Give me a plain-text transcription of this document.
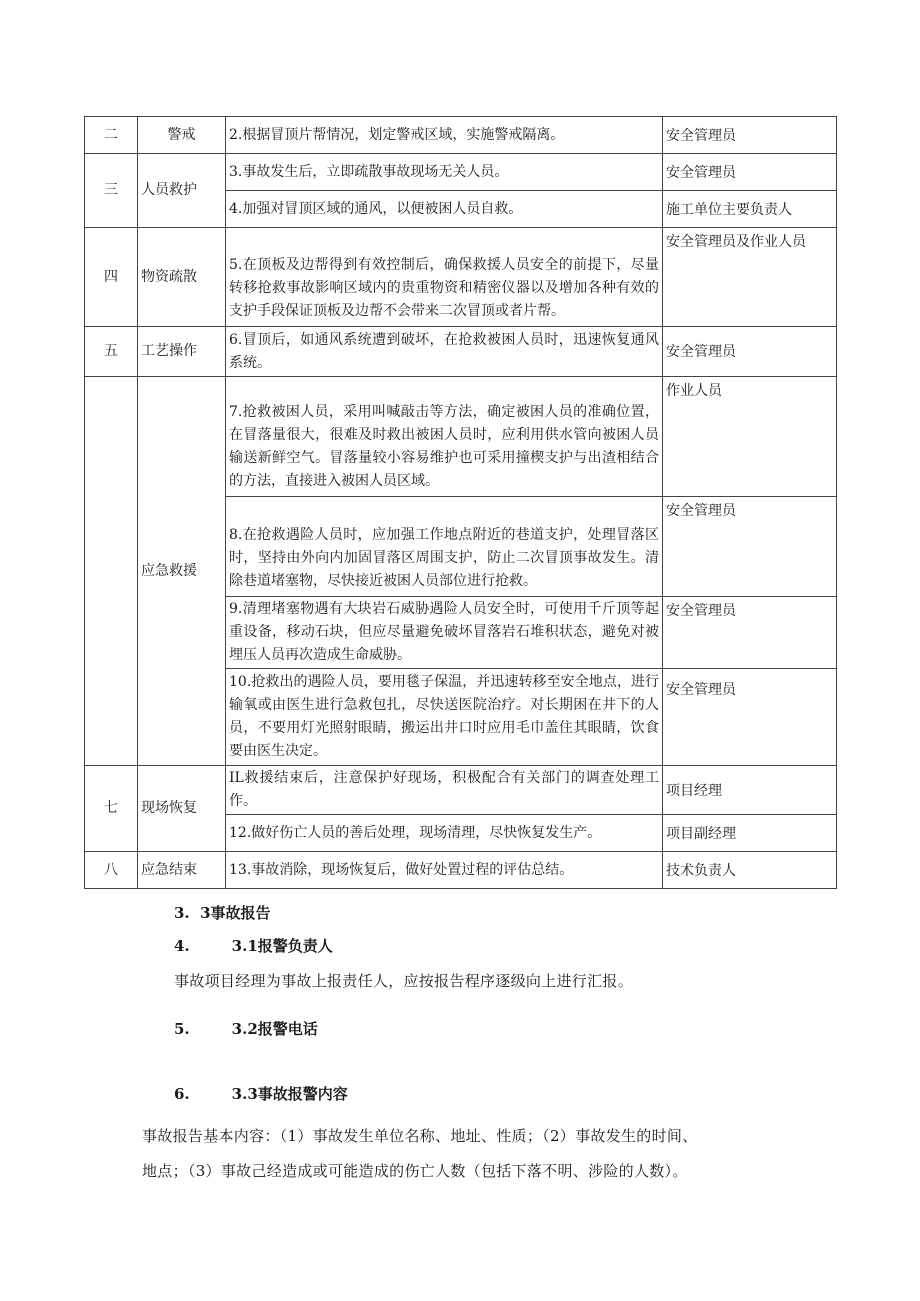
二	警戒	2.根据冒顶片帮情况，划定警戒区域，实施警戒隔离。	安全管理员
三	人员救护	3.事故发生后，立即疏散事故现场无关人员。	安全管理员
		4.加强对冒顶区域的通风，以便被困人员自救。	施工单位主要负责人
四	物资疏散	5.在顶板及边帮得到有效控制后，确保救援人员安全的前提下，尽量转移抢救事故影响区域内的贵重物资和精密仪器以及增加各种有效的支护手段保证顶板及边帮不会带来二次冒顶或者片帮。	安全管理员及作业人员
五	工艺操作	6.冒顶后，如通风系统遭到破坏，在抢救被困人员时，迅速恢复通风系统。	安全管理员
	应急救援	7.抢救被困人员，采用叫喊敲击等方法，确定被困人员的准确位置，在冒落量很大，很难及时救出被困人员时，应利用供水管向被困人员输送新鲜空气。冒落量较小容易维护也可采用撞楔支护与出渣相结合的方法，直接进入被困人员区域。	作业人员
		8.在抢救遇险人员时，应加强工作地点附近的巷道支护，处理冒落区时，坚持由外向内加固冒落区周围支护，防止二次冒顶事故发生。清除巷道堵塞物，尽快接近被困人员部位进行抢救。	安全管理员
		9.清理堵塞物遇有大块岩石威胁遇险人员安全时，可使用千斤顶等起重设备，移动石块，但应尽量避免破坏冒落岩石堆积状态，避免对被埋压人员再次造成生命威胁。	安全管理员
		10.抢救出的遇险人员，要用毯子保温，并迅速转移至安全地点，进行输氧或由医生进行急救包扎，尽快送医院治疗。对长期困在井下的人员，不要用灯光照射眼睛，搬运出井口时应用毛巾盖住其眼睛，饮食要由医生决定。	安全管理员
七	现场恢复	IL救援结束后，注意保护好现场，积极配合有关部门的调查处理工作。	项目经理
		12.做好伤亡人员的善后处理，现场清理，尽快恢复发生产。	项目副经理
八	应急结束	13.事故消除，现场恢复后，做好处置过程的评估总结。	技术负责人
3. 3事故报告
4.	3.1报警负责人
事故项目经理为事故上报责任人，应按报告程序逐级向上进行汇报。
5.	3.2报警电话
6.	3.3事故报警内容
事故报告基本内容：（1）事故发生单位名称、地址、性质；（2）事故发生的时间、
地点；（3）事故己经造成或可能造成的伤亡人数（包括下落不明、涉险的人数）。
